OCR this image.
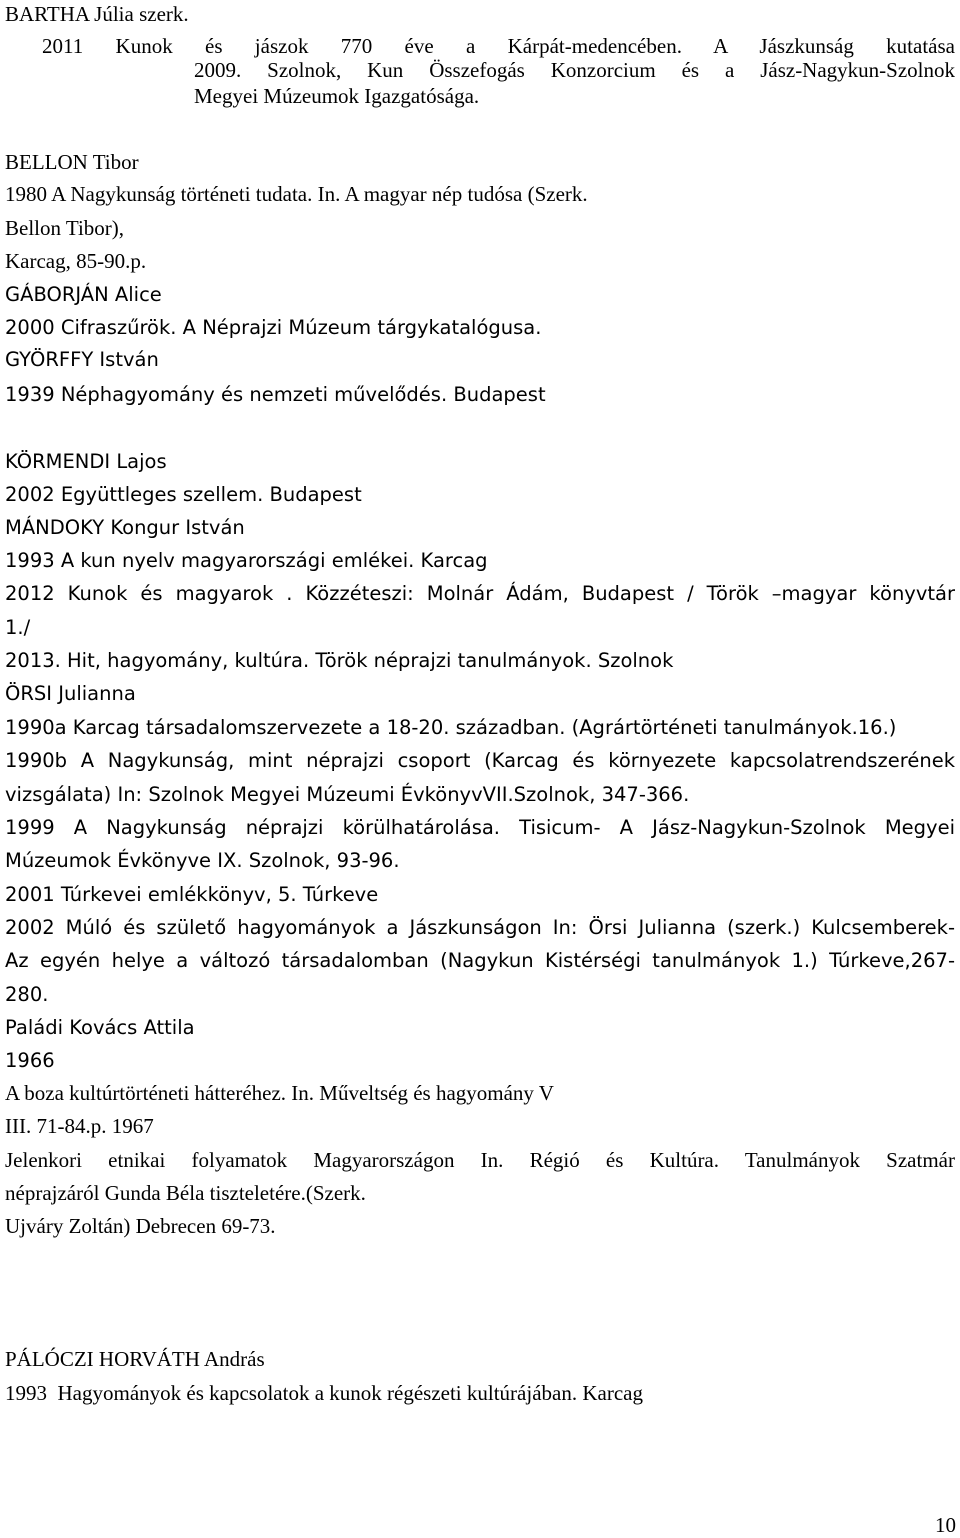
BARTHA Júlia szerk.
2011 Kunok és jászok 770 éve a Kárpát-medencében. A Jászkunság kutatása
2009. Szolnok, Kun Összefogás Konzorcium és a Jász-Nagykun-Szolnok
Megyei Múzeumok Igazgatósága.
BELLON Tibor
1980 A Nagykunság történeti tudata. In. A magyar nép tudósa (Szerk.
Bellon Tibor),
Karcag, 85-90.p.
GÁBORJÁN Alice
2000 Cifraszűrök. A Néprajzi Múzeum tárgykatalógusa.
GYÖRFFY István
1939 Néphagyomány és nemzeti művelődés. Budapest
KÖRMENDI Lajos
2002 Együttleges szellem. Budapest
MÁNDOKY Kongur István
1993 A kun nyelv magyarországi emlékei. Karcag
2012 Kunok és magyarok . Közzéteszi: Molnár Ádám, Budapest / Török –magyar könyvtár
1./
2013. Hit, hagyomány, kultúra. Török néprajzi tanulmányok. Szolnok
ÖRSI Julianna
1990a Karcag társadalomszervezete a 18-20. században. (Agrártörténeti tanulmányok.16.)
1990b A Nagykunság, mint néprajzi csoport (Karcag és környezete kapcsolatrendszerének
vizsgálata) In: Szolnok Megyei Múzeumi ÉvkönyvVII.Szolnok, 347-366.
1999 A Nagykunság néprajzi körülhatárolása. Tisicum- A Jász-Nagykun-Szolnok Megyei
Múzeumok Évkönyve IX. Szolnok, 93-96.
2001 Túrkevei emlékkönyv, 5. Túrkeve
2002 Múló és születő hagyományok a Jászkunságon In: Örsi Julianna (szerk.) Kulcsemberek-
Az egyén helye a változó társadalomban (Nagykun Kistérségi tanulmányok 1.) Túrkeve,267-
280.
Paládi Kovács Attila
1966
A boza kultúrtörténeti hátteréhez. In. Műveltség és hagyomány V
III. 71-84.p. 1967
Jelenkori etnikai folyamatok Magyarországon In. Régió és Kultúra. Tanulmányok Szatmár
néprajzáról Gunda Béla tiszteletére.(Szerk.
Ujváry Zoltán) Debrecen 69-73.
PÁLÓCZI HORVÁTH András
1993  Hagyományok és kapcsolatok a kunok régészeti kultúrájában. Karcag
10
